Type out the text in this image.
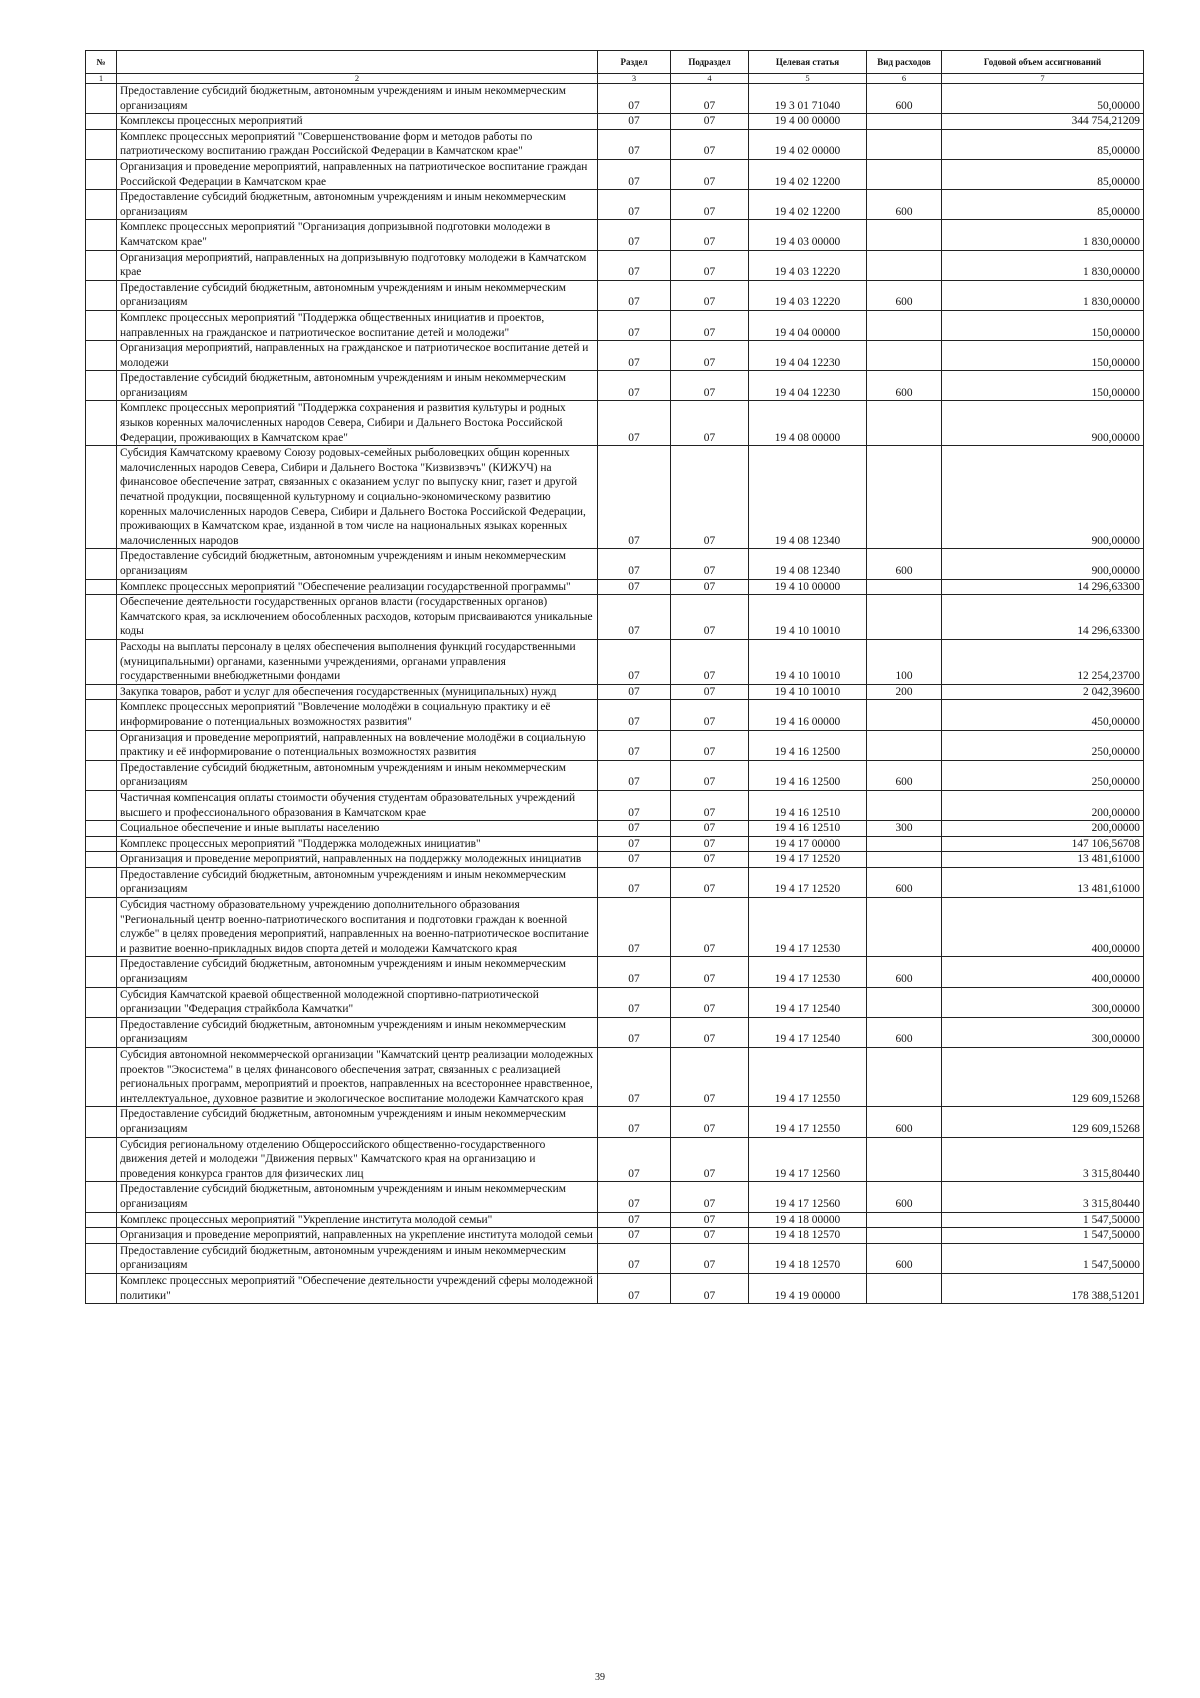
№		Раздел	Подраздел	Целевая статья	Вид расходов	Годовой объем ассигнований
1	2	3	4	5	6	7
	Предоставление субсидий бюджетным, автономным учреждениям и иным некоммерческим организациям	07	07	19 3 01 71040	600	50,00000
	Комплексы процессных мероприятий	07	07	19 4 00 00000		344 754,21209
	Комплекс процессных мероприятий "Совершенствование форм и методов работы по патриотическому воспитанию граждан Российской Федерации в Камчатском крае"	07	07	19 4 02 00000		85,00000
	Организация и проведение мероприятий, направленных на патриотическое воспитание граждан Российской Федерации в Камчатском крае	07	07	19 4 02 12200		85,00000
	Предоставление субсидий бюджетным, автономным учреждениям и иным некоммерческим организациям	07	07	19 4 02 12200	600	85,00000
	Комплекс процессных мероприятий "Организация допризывной подготовки молодежи в Камчатском крае"	07	07	19 4 03 00000		1 830,00000
	Организация мероприятий, направленных на допризывную подготовку молодежи в Камчатском крае	07	07	19 4 03 12220		1 830,00000
	Предоставление субсидий бюджетным, автономным учреждениям и иным некоммерческим организациям	07	07	19 4 03 12220	600	1 830,00000
	Комплекс процессных мероприятий "Поддержка общественных инициатив и проектов, направленных на гражданское и патриотическое воспитание детей и молодежи"	07	07	19 4 04 00000		150,00000
	Организация мероприятий, направленных на гражданское и патриотическое воспитание детей и молодежи	07	07	19 4 04 12230		150,00000
	Предоставление субсидий бюджетным, автономным учреждениям и иным некоммерческим организациям	07	07	19 4 04 12230	600	150,00000
	Комплекс процессных мероприятий "Поддержка сохранения и развития культуры и родных языков коренных малочисленных народов Севера, Сибири и Дальнего Востока Российской Федерации, проживающих в Камчатском крае"	07	07	19 4 08 00000		900,00000
	Субсидия Камчатскому краевому Союзу родовых-семейных рыболовецких общин коренных малочисленных народов Севера, Сибири и Дальнего Востока "Кизвизвэчъ" (КИЖУЧ) на финансовое обеспечение затрат, связанных с оказанием услуг по выпуску книг, газет и другой печатной продукции, посвященной культурному и социально-экономическому развитию коренных малочисленных народов Севера, Сибири и Дальнего Востока Российской Федерации, проживающих в Камчатском крае, изданной в том числе на национальных языках коренных малочисленных народов	07	07	19 4 08 12340		900,00000
	Предоставление субсидий бюджетным, автономным учреждениям и иным некоммерческим организациям	07	07	19 4 08 12340	600	900,00000
	Комплекс процессных мероприятий "Обеспечение реализации государственной программы"	07	07	19 4 10 00000		14 296,63300
	Обеспечение деятельности государственных органов власти (государственных органов) Камчатского края, за исключением обособленных расходов, которым присваиваются уникальные коды	07	07	19 4 10 10010		14 296,63300
	Расходы на выплаты персоналу в целях обеспечения выполнения функций государственными (муниципальными) органами, казенными учреждениями, органами управления государственными внебюджетными фондами	07	07	19 4 10 10010	100	12 254,23700
	Закупка товаров, работ и услуг для обеспечения государственных (муниципальных) нужд	07	07	19 4 10 10010	200	2 042,39600
	Комплекс процессных мероприятий "Вовлечение молодёжи в социальную практику и её информирование о потенциальных возможностях развития"	07	07	19 4 16 00000		450,00000
	Организация и проведение мероприятий, направленных на вовлечение молодёжи в социальную практику и её информирование о потенциальных возможностях развития	07	07	19 4 16 12500		250,00000
	Предоставление субсидий бюджетным, автономным учреждениям и иным некоммерческим организациям	07	07	19 4 16 12500	600	250,00000
	Частичная компенсация оплаты стоимости обучения студентам образовательных учреждений высшего и профессионального образования в Камчатском крае	07	07	19 4 16 12510		200,00000
	Социальное обеспечение и иные выплаты населению	07	07	19 4 16 12510	300	200,00000
	Комплекс процессных мероприятий "Поддержка молодежных инициатив"	07	07	19 4 17 00000		147 106,56708
	Организация и проведение мероприятий, направленных на поддержку молодежных инициатив	07	07	19 4 17 12520		13 481,61000
	Предоставление субсидий бюджетным, автономным учреждениям и иным некоммерческим организациям	07	07	19 4 17 12520	600	13 481,61000
	Субсидия частному образовательному учреждению дополнительного образования "Региональный центр военно-патриотического воспитания и подготовки граждан к военной службе" в целях проведения мероприятий, направленных на военно-патриотическое воспитание и развитие военно-прикладных видов спорта детей и молодежи Камчатского края	07	07	19 4 17 12530		400,00000
	Предоставление субсидий бюджетным, автономным учреждениям и иным некоммерческим организациям	07	07	19 4 17 12530	600	400,00000
	Субсидия Камчатской краевой общественной молодежной спортивно-патриотической организации "Федерация страйкбола Камчатки"	07	07	19 4 17 12540		300,00000
	Предоставление субсидий бюджетным, автономным учреждениям и иным некоммерческим организациям	07	07	19 4 17 12540	600	300,00000
	Субсидия автономной некоммерческой организации "Камчатский центр реализации молодежных проектов "Экосистема" в целях финансового обеспечения затрат, связанных с реализацией региональных программ, мероприятий и проектов, направленных на всестороннее нравственное, интеллектуальное, духовное развитие и экологическое воспитание молодежи Камчатского края	07	07	19 4 17 12550		129 609,15268
	Предоставление субсидий бюджетным, автономным учреждениям и иным некоммерческим организациям	07	07	19 4 17 12550	600	129 609,15268
	Субсидия региональному отделению Общероссийского общественно-государственного движения детей и молодежи "Движения первых" Камчатского края на организацию и проведения конкурса грантов для физических лиц	07	07	19 4 17 12560		3 315,80440
	Предоставление субсидий бюджетным, автономным учреждениям и иным некоммерческим организациям	07	07	19 4 17 12560	600	3 315,80440
	Комплекс процессных мероприятий "Укрепление института молодой семьи"	07	07	19 4 18 00000		1 547,50000
	Организация и проведение мероприятий, направленных на укрепление института молодой семьи	07	07	19 4 18 12570		1 547,50000
	Предоставление субсидий бюджетным, автономным учреждениям и иным некоммерческим организациям	07	07	19 4 18 12570	600	1 547,50000
	Комплекс процессных мероприятий "Обеспечение деятельности учреждений сферы молодежной политики"	07	07	19 4 19 00000		178 388,51201
39
